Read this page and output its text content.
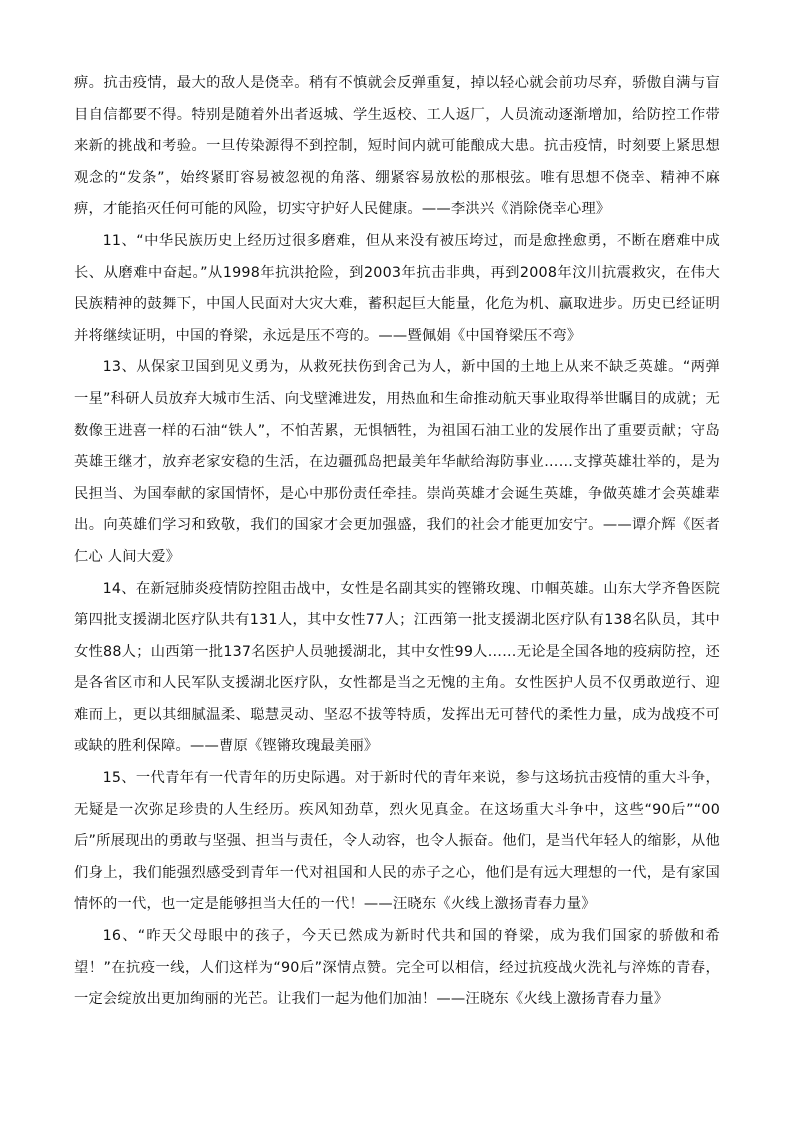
痹。抗击疫情，最大的敌人是侥幸。稍有不慎就会反弹重复，掉以轻心就会前功尽弃，骄傲自满与盲目自信都要不得。特别是随着外出者返城、学生返校、工人返厂，人员流动逐渐增加，给防控工作带来新的挑战和考验。一旦传染源得不到控制，短时间内就可能酿成大患。抗击疫情，时刻要上紧思想观念的“发条”，始终紧盯容易被忽视的角落、绷紧容易放松的那根弦。唯有思想不侥幸、精神不麻痹，才能掐灭任何可能的风险，切实守护好人民健康。——李洪兴《消除侥幸心理》

11、“中华民族历史上经历过很多磨难，但从来没有被压垮过，而是愈挫愈勇，不断在磨难中成长、从磨难中奋起。”从1998年抗洪抢险，到2003年抗击非典，再到2008年汶川抗震救灾，在伟大民族精神的鼓舞下，中国人民面对大灾大难，蓄积起巨大能量，化危为机、赢取进步。历史已经证明并将继续证明，中国的脊梁，永远是压不弯的。——暨佩娟《中国脊梁压不弯》

13、从保家卫国到见义勇为，从救死扶伤到舍己为人，新中国的土地上从来不缺乏英雄。“两弹一星”科研人员放弃大城市生活、向戈壁滩进发，用热血和生命推动航天事业取得举世瞩目的成就；无数像王进喜一样的石油“铁人”，不怕苦累，无惧牺牲，为祖国石油工业的发展作出了重要贡献；守岛英雄王继才，放弃老家安稳的生活，在边疆孤岛把最美年华献给海防事业……支撑英雄壮举的，是为民担当、为国奉献的家国情怀，是心中那份责任牵挂。崇尚英雄才会诞生英雄，争做英雄才会英雄辈出。向英雄们学习和致敬，我们的国家才会更加强盛，我们的社会才能更加安宁。——谭介辉《医者仁心 人间大爱》

14、在新冠肺炎疫情防控阻击战中，女性是名副其实的铿锵玫瑰、巾帼英雄。山东大学齐鲁医院第四批支援湖北医疗队共有131人，其中女性77人；江西第一批支援湖北医疗队有138名队员，其中女性88人；山西第一批137名医护人员驰援湖北，其中女性99人……无论是全国各地的疫病防控，还是各省区市和人民军队支援湖北医疗队，女性都是当之无愧的主角。女性医护人员不仅勇敢逆行、迎难而上，更以其细腻温柔、聪慧灵动、坚忍不拔等特质，发挥出无可替代的柔性力量，成为战疫不可或缺的胜利保障。——曹原《铿锵玫瑰最美丽》

15、一代青年有一代青年的历史际遇。对于新时代的青年来说，参与这场抗击疫情的重大斗争，无疑是一次弥足珍贵的人生经历。疾风知劲草，烈火见真金。在这场重大斗争中，这些“90后”“00后”所展现出的勇敢与坚强、担当与责任，令人动容，也令人振奋。他们，是当代年轻人的缩影，从他们身上，我们能强烈感受到青年一代对祖国和人民的赤子之心，他们是有远大理想的一代，是有家国情怀的一代，也一定是能够担当大任的一代！——汪晓东《火线上激扬青春力量》

16、“昨天父母眼中的孩子，今天已然成为新时代共和国的脊梁，成为我们国家的骄傲和希望！”在抗疫一线，人们这样为“90后”深情点赞。完全可以相信，经过抗疫战火洗礼与淬炼的青春，一定会绽放出更加绚丽的光芒。让我们一起为他们加油！——汪晓东《火线上激扬青春力量》
